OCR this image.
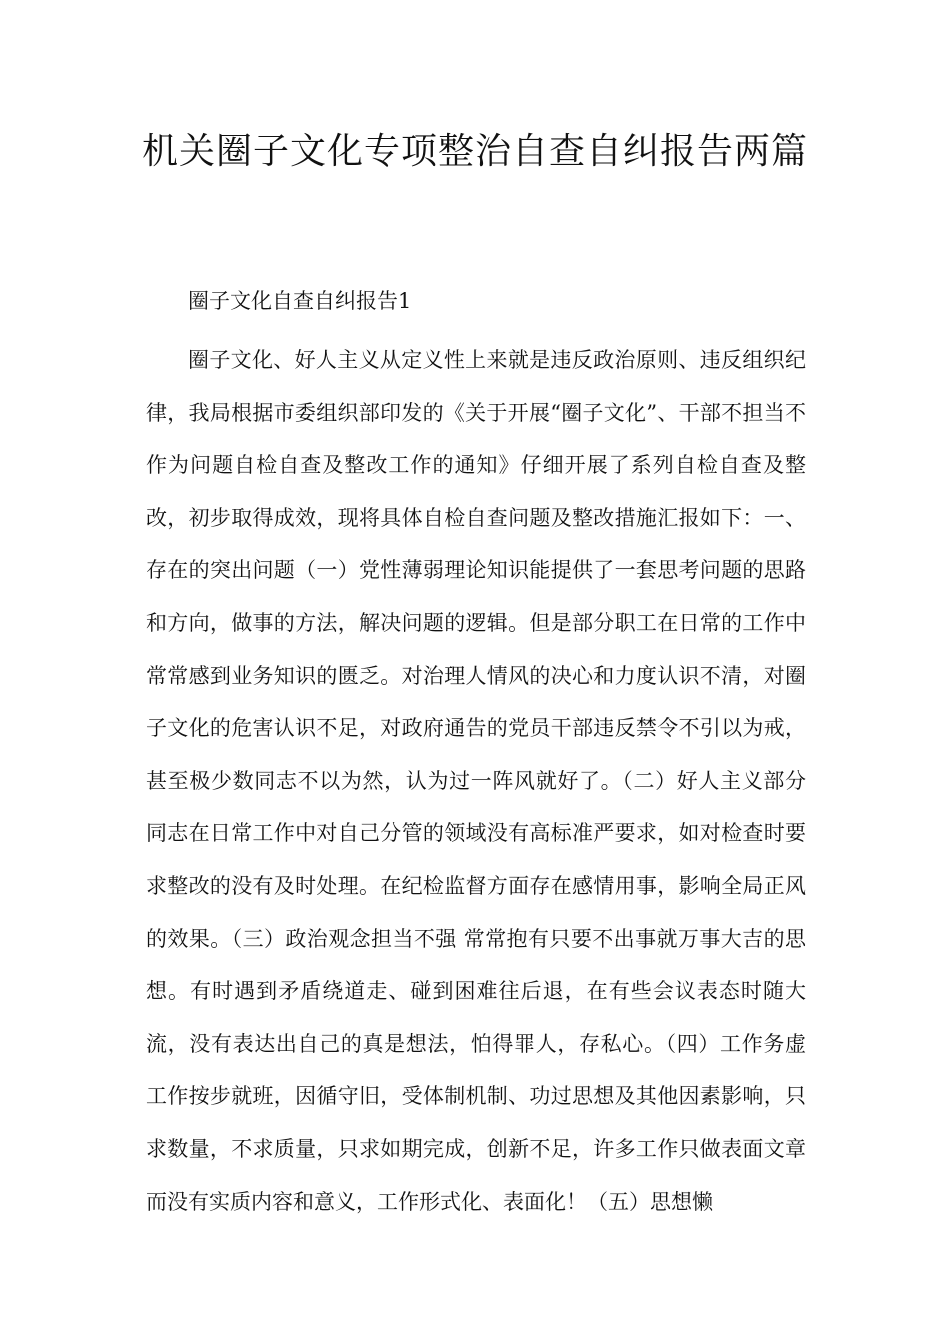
机关圈子文化专项整治自查自纠报告两篇

圈子文化自查自纠报告1

圈子文化、好人主义从定义性上来就是违反政治原则、违反组织纪律，我局根据市委组织部印发的《关于开展“圈子文化”、干部不担当不作为问题自检自查及整改工作的通知》仔细开展了系列自检自查及整改，初步取得成效，现将具体自检自查问题及整改措施汇报如下：一、存在的突出问题（一）党性薄弱理论知识能提供了一套思考问题的思路和方向，做事的方法，解决问题的逻辑。但是部分职工在日常的工作中常常感到业务知识的匮乏。对治理人情风的决心和力度认识不清，对圈子文化的危害认识不足，对政府通告的党员干部违反禁令不引以为戒，甚至极少数同志不以为然，认为过一阵风就好了。（二）好人主义部分同志在日常工作中对自己分管的领域没有高标准严要求，如对检查时要求整改的没有及时处理。在纪检监督方面存在感情用事，影响全局正风的效果。（三）政治观念担当不强 常常抱有只要不出事就万事大吉的思想。有时遇到矛盾绕道走、碰到困难往后退，在有些会议表态时随大流，没有表达出自己的真是想法，怕得罪人，存私心。（四）工作务虚工作按步就班，因循守旧，受体制机制、功过思想及其他因素影响，只求数量，不求质量，只求如期完成，创新不足，许多工作只做表面文章而没有实质内容和意义，工作形式化、表面化！（五）思想懒
